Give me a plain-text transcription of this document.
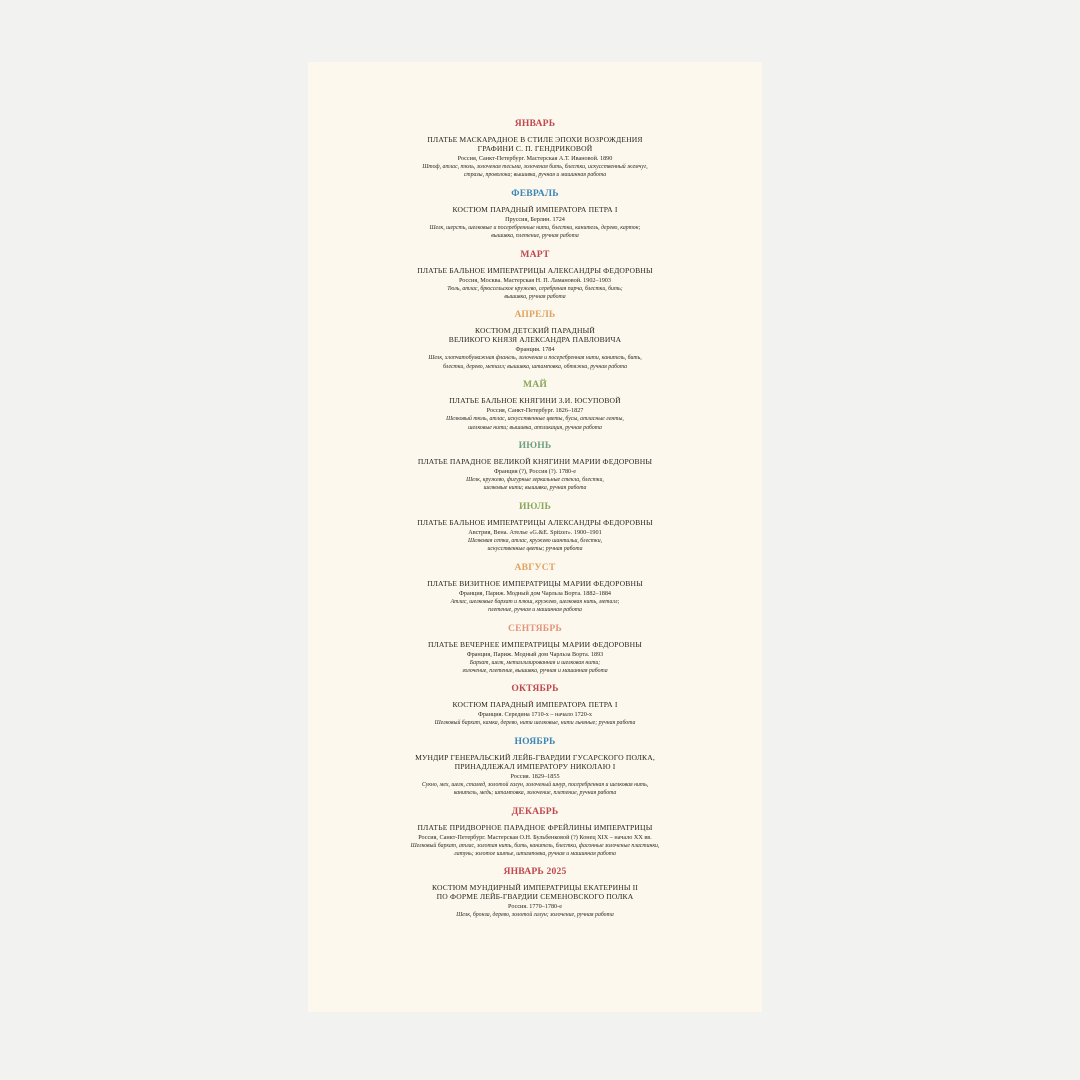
ЯНВАРЬ
ПЛАТЬЕ МАСКАРАДНОЕ В СТИЛЕ ЭПОХИ ВОЗРОЖДЕНИЯ
ГРАФИНИ С. П. ГЕНДРИКОВОЙ
Россия, Санкт-Петербург. Мастерская А.Т. Ивановой. 1890
Штоф, атлас, тюль, золоченая тесьма, золоченая бить, блестки, искусственный жемчуг,
стразы, проволока; вышивка, ручная и машинная работа
ФЕВРАЛЬ
КОСТЮМ ПАРАДНЫЙ ИМПЕРАТОРА ПЕТРА I
Пруссия, Берлин. 1724
Шелк, шерсть, шелковые и посеребренные нити, блестки, канитель, дерево, картон;
вышивка, плетение, ручная работа
МАРТ
ПЛАТЬЕ БАЛЬНОЕ ИМПЕРАТРИЦЫ АЛЕКСАНДРЫ ФЕДОРОВНЫ
Россия, Москва. Мастерская Н. П. Ламановой. 1902–1903
Тюль, атлас, брюссельское кружево, серебряная парча, блестки, бить;
вышивка, ручная работа
АПРЕЛЬ
КОСТЮМ ДЕТСКИЙ ПАРАДНЫЙ
ВЕЛИКОГО КНЯЗЯ АЛЕКСАНДРА ПАВЛОВИЧА
Франция. 1784
Шелк, хлопчатобумажная фланель, золоченая и посеребренная нити, канитель, бить,
блестки, дерево, металл; вышивка, штамповка, обтяжка, ручная работа
МАЙ
ПЛАТЬЕ БАЛЬНОЕ КНЯГИНИ З.И. ЮСУПОВОЙ
Россия, Санкт-Петербург. 1826–1827
Шелковый тюль, атлас, искусственные цветы, бусы, атласные ленты,
шелковые нити; вышивка, аппликация, ручная работа
ИЮНЬ
ПЛАТЬЕ ПАРАДНОЕ ВЕЛИКОЙ КНЯГИНИ МАРИИ ФЕДОРОВНЫ
Франция (?), Россия (?). 1780-е
Шелк, кружево, фигурные зеркальные стекла, блестки,
шелковые нити; вышивка, ручная работа
ИЮЛЬ
ПЛАТЬЕ БАЛЬНОЕ ИМПЕРАТРИЦЫ АЛЕКСАНДРЫ ФЕДОРОВНЫ
Австрия, Вена. Ателье «G.&E. Spitzer». 1900–1901
Шелковая сетка, атлас, кружево шантильи, блестки,
искусственные цветы; ручная работа
АВГУСТ
ПЛАТЬЕ ВИЗИТНОЕ ИМПЕРАТРИЦЫ МАРИИ ФЕДОРОВНЫ
Франция, Париж. Модный дом Чарльза Ворта. 1882–1884
Атлас, шелковые бархат и плюш, кружево, шелковая нить, металл;
плетение, ручная и машинная работа
СЕНТЯБРЬ
ПЛАТЬЕ ВЕЧЕРНЕЕ ИМПЕРАТРИЦЫ МАРИИ ФЕДОРОВНЫ
Франция, Париж. Модный дом Чарльза Ворта. 1893
Бархат, шелк, металлизированная и шелковая нити;
золочение, плетение, вышивка, ручная и машинная работа
ОКТЯБРЬ
КОСТЮМ ПАРАДНЫЙ ИМПЕРАТОРА ПЕТРА I
Франция. Середина 1710-х – начало 1720-х
Шелковый бархат, камка, дерево, нити шелковые, нити льняные; ручная работа
НОЯБРЬ
МУНДИР ГЕНЕРАЛЬСКИЙ ЛЕЙБ-ГВАРДИИ ГУСАРСКОГО ПОЛКА,
ПРИНАДЛЕЖАЛ ИМПЕРАТОРУ НИКОЛАЮ I
Россия. 1829–1855
Сукно, мех, шелк, стамед, золотой галун, золоченый шнур, посеребренная и шелковая нить,
канитель, медь; штамповка, золочение, плетение, ручная работа
ДЕКАБРЬ
ПЛАТЬЕ ПРИДВОРНОЕ ПАРАДНОЕ ФРЕЙЛИНЫ ИМПЕРАТРИЦЫ
Россия, Санкт-Петербург. Мастерская О.Н. Бульбенковой (?) Конец XIX – начало XX вв.
Шелковый бархат, атлас, золотая нить, бить, канитель, блестки, фасонные золоченые пластинки,
латунь; золотое шитье, штамповка, ручная и машинная работа
ЯНВАРЬ 2025
КОСТЮМ МУНДИРНЫЙ ИМПЕРАТРИЦЫ ЕКАТЕРИНЫ II
ПО ФОРМЕ ЛЕЙБ-ГВАРДИИ СЕМЕНОВСКОГО ПОЛКА
Россия. 1770–1780-е
Шелк, бронза, дерево, золотой галун; золочение, ручная работа
